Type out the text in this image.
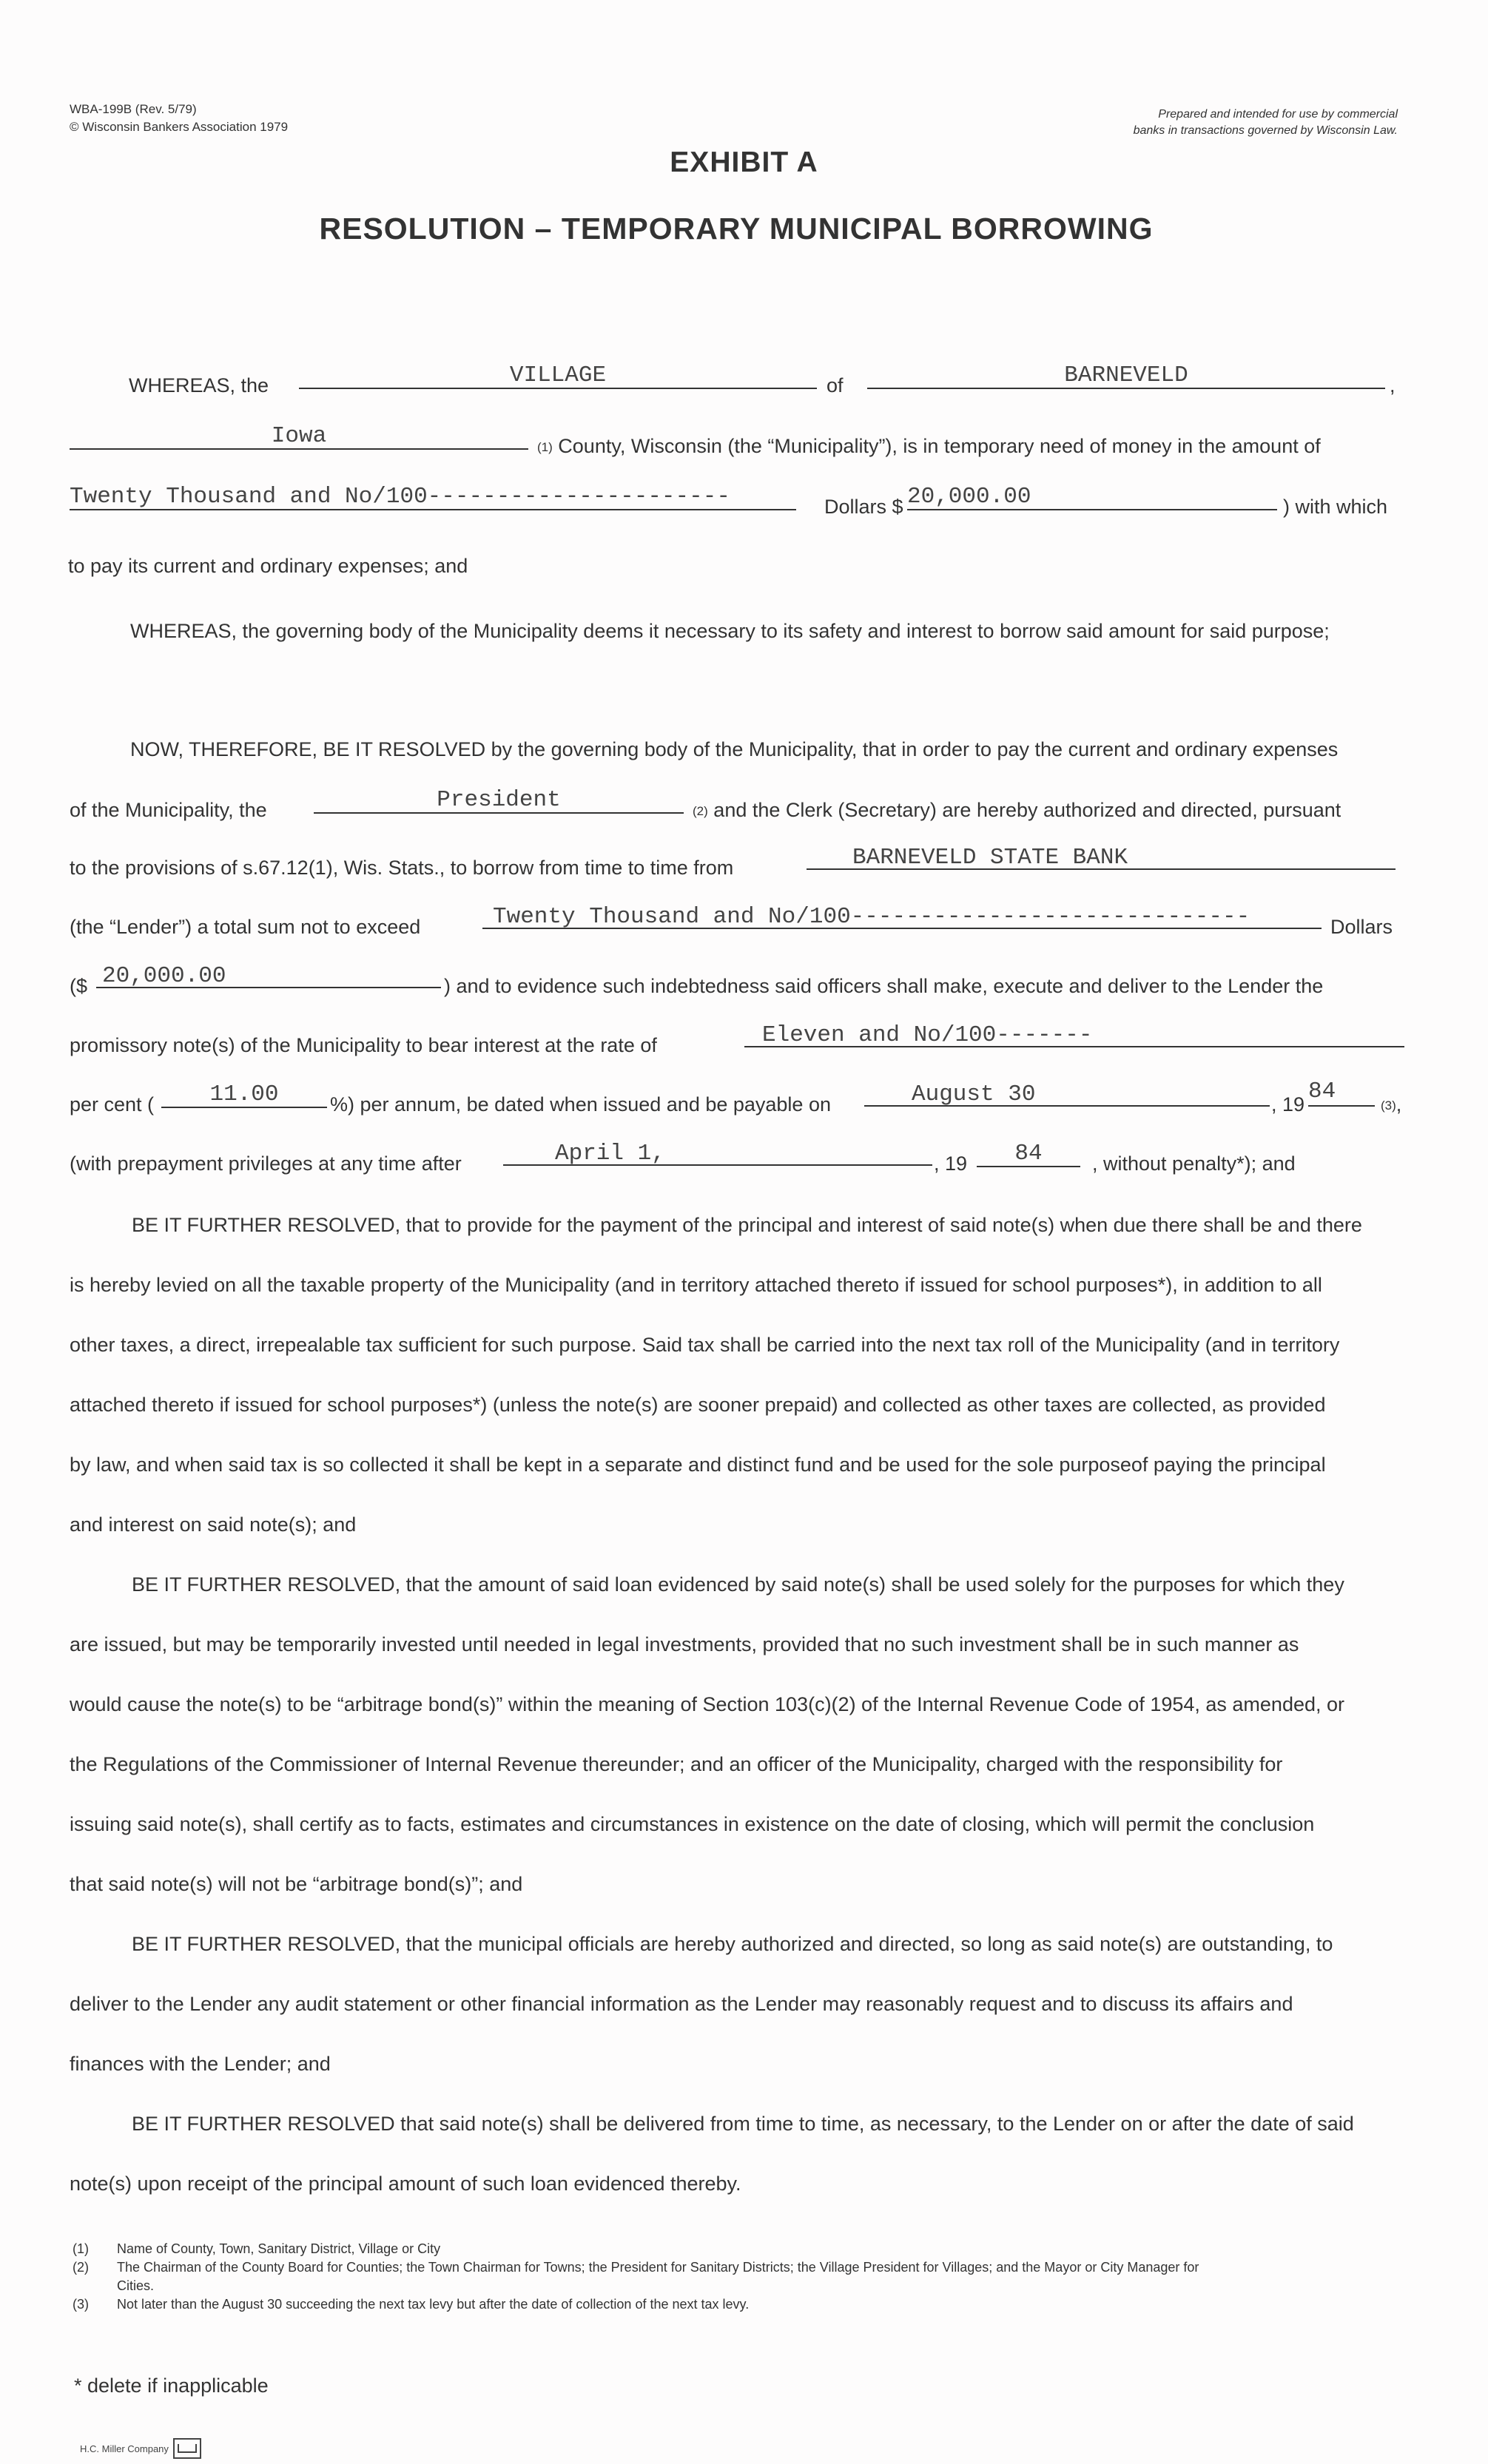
WBA-199B (Rev. 5/79)
© Wisconsin Bankers Association 1979
Prepared and intended for use by commercial
banks in transactions governed by Wisconsin Law.
EXHIBIT A
RESOLUTION – TEMPORARY MUNICIPAL BORROWING
WHEREAS, the	VILLAGE	of	BARNEVELD	,
Iowa	(1) County, Wisconsin (the “Municipality”), is in temporary need of money in the amount of
Twenty Thousand and No/100----------------------	Dollars $ 20,000.00	) with which
to pay its current and ordinary expenses; and
WHEREAS, the governing body of the Municipality deems it necessary to its safety and interest to borrow said amount for said purpose;
NOW, THEREFORE, BE IT RESOLVED by the governing body of the Municipality, that in order to pay the current and ordinary expenses
of the Municipality, the	President	(2) and the Clerk (Secretary) are hereby authorized and directed, pursuant
to the provisions of s.67.12(1), Wis. Stats., to borrow from time to time from	BARNEVELD STATE BANK
(the “Lender”) a total sum not to exceed	Twenty Thousand and No/100-----------------------------	Dollars
($ 20,000.00	) and to evidence such indebtedness said officers shall make, execute and deliver to the Lender the
promissory note(s) of the Municipality to bear interest at the rate of	Eleven and No/100-------
per cent (	11.00	%) per annum, be dated when issued and be payable on	August 30	, 19 84
(3),
(with prepayment privileges at any time after	April 1,	, 19	84	, without penalty*); and
BE IT FURTHER RESOLVED, that to provide for the payment of the principal and interest of said note(s) when due there shall be and there
is hereby levied on all the taxable property of the Municipality (and in territory attached thereto if issued for school purposes*), in addition to all
other taxes, a direct, irrepealable tax sufficient for such purpose. Said tax shall be carried into the next tax roll of the Municipality (and in territory
attached thereto if issued for school purposes*) (unless the note(s) are sooner prepaid) and collected as other taxes are collected, as provided
by law, and when said tax is so collected it shall be kept in a separate and distinct fund and be used for the sole purposeof paying the principal
and interest on said note(s); and
BE IT FURTHER RESOLVED, that the amount of said loan evidenced by said note(s) shall be used solely for the purposes for which they
are issued, but may be temporarily invested until needed in legal investments, provided that no such investment shall be in such manner as
would cause the note(s) to be “arbitrage bond(s)” within the meaning of Section 103(c)(2) of the Internal Revenue Code of 1954, as amended, or
the Regulations of the Commissioner of Internal Revenue thereunder; and an officer of the Municipality, charged with the responsibility for
issuing said note(s), shall certify as to facts, estimates and circumstances in existence on the date of closing, which will permit the conclusion
that said note(s) will not be “arbitrage bond(s)”; and
BE IT FURTHER RESOLVED, that the municipal officials are hereby authorized and directed, so long as said note(s) are outstanding, to
deliver to the Lender any audit statement or other financial information as the Lender may reasonably request and to discuss its affairs and
finances with the Lender; and
BE IT FURTHER RESOLVED that said note(s) shall be delivered from time to time, as necessary, to the Lender on or after the date of said
note(s) upon receipt of the principal amount of such loan evidenced thereby.
(1)	Name of County, Town, Sanitary District, Village or City
(2)	The Chairman of the County Board for Counties; the Town Chairman for Towns; the President for Sanitary Districts; the Village President for Villages; and the Mayor or City Manager for
Cities.
(3)	Not later than the August 30 succeeding the next tax levy but after the date of collection of the next tax levy.
* delete if inapplicable
H.C. Miller Company
